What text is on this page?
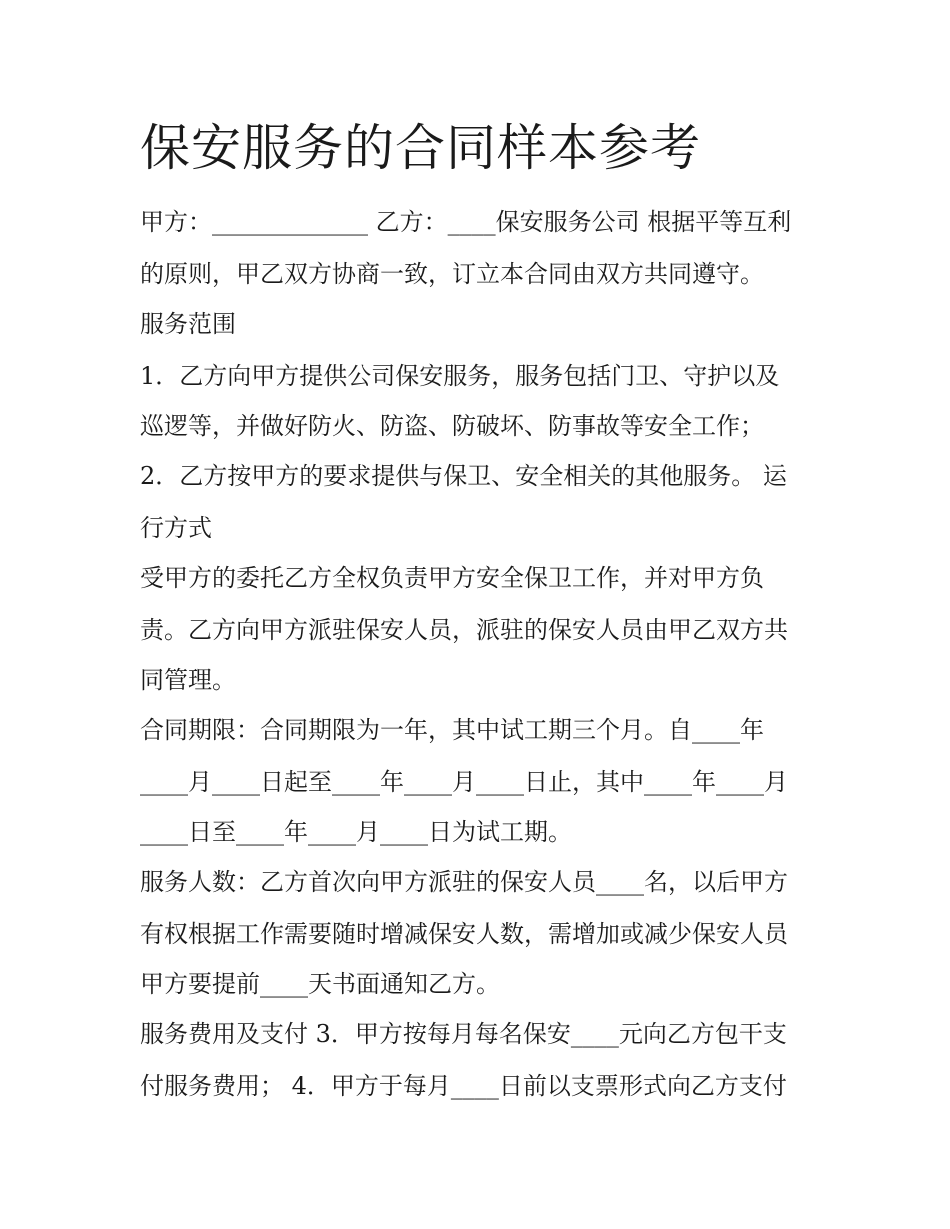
保安服务的合同样本参考

甲方：_____________ 乙方：____保安服务公司 根据平等互利

的原则，甲乙双方协商一致，订立本合同由双方共同遵守。

服务范围

1．乙方向甲方提供公司保安服务，服务包括门卫、守护以及

巡逻等，并做好防火、防盗、防破坏、防事故等安全工作；

2．乙方按甲方的要求提供与保卫、安全相关的其他服务。 运

行方式

受甲方的委托乙方全权负责甲方安全保卫工作，并对甲方负

责。乙方向甲方派驻保安人员，派驻的保安人员由甲乙双方共

同管理。

合同期限：合同期限为一年，其中试工期三个月。自____年

____月____日起至____年____月____日止，其中____年____月

____日至____年____月____日为试工期。

服务人数：乙方首次向甲方派驻的保安人员____名，以后甲方

有权根据工作需要随时增减保安人数，需增加或减少保安人员

甲方要提前____天书面通知乙方。

服务费用及支付 3．甲方按每月每名保安____元向乙方包干支

付服务费用； 4．甲方于每月____日前以支票形式向乙方支付
